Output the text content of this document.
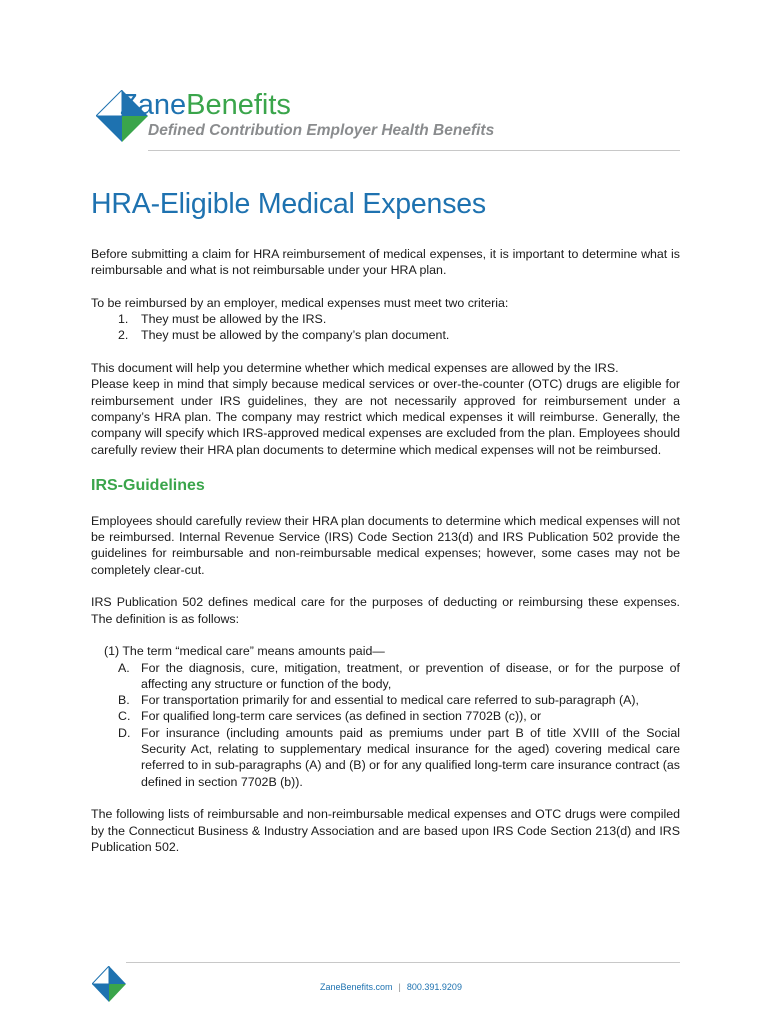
ZaneBenefits
Defined Contribution Employer Health Benefits
HRA-Eligible Medical Expenses

Before submitting a claim for HRA reimbursement of medical expenses, it is important to determine what is reimbursable and what is not reimbursable under your HRA plan.

To be reimbursed by an employer, medical expenses must meet two criteria:

1. They must be allowed by the IRS.
2. They must be allowed by the company’s plan document.

This document will help you determine whether which medical expenses are allowed by the IRS.

Please keep in mind that simply because medical services or over-the-counter (OTC) drugs are eligible for reimbursement under IRS guidelines, they are not necessarily approved for reimbursement under a company’s HRA plan. The company may restrict which medical expenses it will reimburse. Generally, the company will specify which IRS-approved medical expenses are excluded from the plan. Employees should carefully review their HRA plan documents to determine which medical expenses will not be reimbursed.

IRS-Guidelines

Employees should carefully review their HRA plan documents to determine which medical expenses will not be reimbursed. Internal Revenue Service (IRS) Code Section 213(d) and IRS Publication 502 provide the guidelines for reimbursable and non-reimbursable medical expenses; however, some cases may not be completely clear-cut.

IRS Publication 502 defines medical care for the purposes of deducting or reimbursing these expenses. The definition is as follows:

(1) The term “medical care” means amounts paid—
A. For the diagnosis, cure, mitigation, treatment, or prevention of disease, or for the purpose of affecting any structure or function of the body,
B. For transportation primarily for and essential to medical care referred to sub-paragraph (A),
C. For qualified long-term care services (as defined in section 7702B (c)), or
D. For insurance (including amounts paid as premiums under part B of title XVIII of the Social Security Act, relating to supplementary medical insurance for the aged) covering medical care referred to in sub-paragraphs (A) and (B) or for any qualified long-term care insurance contract (as defined in section 7702B (b)).

The following lists of reimbursable and non-reimbursable medical expenses and OTC drugs were compiled by the Connecticut Business & Industry Association and are based upon IRS Code Section 213(d) and IRS Publication 502.

ZaneBenefits.com | 800.391.9209
